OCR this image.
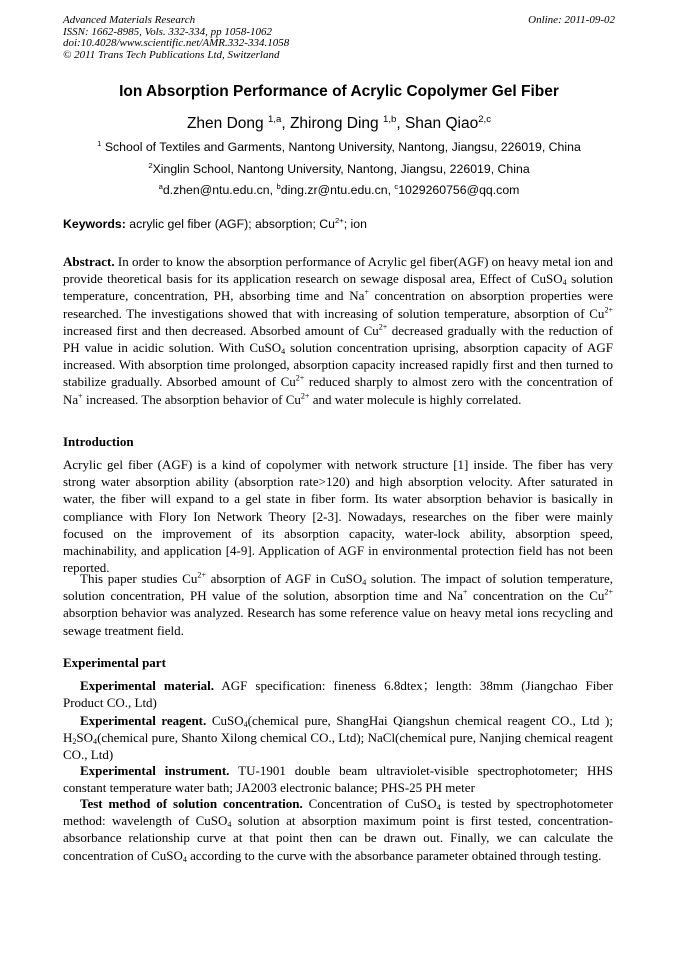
Advanced Materials Research
ISSN: 1662-8985, Vols. 332-334, pp 1058-1062
doi:10.4028/www.scientific.net/AMR.332-334.1058
© 2011 Trans Tech Publications Ltd, Switzerland
Online: 2011-09-02
Ion Absorption Performance of Acrylic Copolymer Gel Fiber
Zhen Dong $^{1,a}$, Zhirong Ding $^{1,b}$, Shan Qiao$^{2,c}$
$^1$ School of Textiles and Garments, Nantong University, Nantong, Jiangsu, 226019, China
$^2$Xinglin School, Nantong University, Nantong, Jiangsu, 226019, China
$^a$d.zhen@ntu.edu.cn, $^b$ding.zr@ntu.edu.cn, $^c$1029260756@qq.com
Keywords: acrylic gel fiber (AGF); absorption; $Cu^{2+}$; ion

Abstract. In order to know the absorption performance of Acrylic gel fiber(AGF) on heavy metal ion and provide theoretical basis for its application research on sewage disposal area, Effect of CuSO$_4$ solution temperature, concentration, PH, absorbing time and Na+ concentration on absorption properties were researched. The investigations showed that with increasing of solution temperature, absorption of $Cu^{2+}$ increased first and then decreased. Absorbed amount of $Cu^{2+}$ decreased gradually with the reduction of PH value in acidic solution. With CuSO$_4$ solution concentration uprising, absorption capacity of AGF increased. With absorption time prolonged, absorption capacity increased rapidly first and then turned to stabilize gradually. Absorbed amount of $Cu^{2+}$ reduced sharply to almost zero with the concentration of Na+ increased. The absorption behavior of $Cu^{2+}$ and water molecule is highly correlated.

Introduction

Acrylic gel fiber (AGF) is a kind of copolymer with network structure [1] inside. The fiber has very strong water absorption ability (absorption rate>120) and high absorption velocity. After saturated in water, the fiber will expand to a gel state in fiber form. Its water absorption behavior is basically in compliance with Flory Ion Network Theory [2-3]. Nowadays, researches on the fiber were mainly focused on the improvement of its absorption capacity, water-lock ability, absorption speed, machinability, and application [4-9]. Application of AGF in environmental protection field has not been reported.

This paper studies $Cu^{2+}$ absorption of AGF in CuSO$_4$ solution. The impact of solution temperature, solution concentration, PH value of the solution, absorption time and Na+ concentration on the $Cu^{2+}$ absorption behavior was analyzed. Research has some reference value on heavy metal ions recycling and sewage treatment field.

Experimental part

Experimental material. AGF specification: fineness 6.8dtex；length: 38mm (Jiangchao Fiber Product CO., Ltd)

Experimental reagent. CuSO$_4$(chemical pure, ShangHai Qiangshun chemical reagent CO., Ltd ); $H_2SO_4(chemical$ pure, Shanto Xilong chemical CO., Ltd); NaCl(chemical pure, Nanjing chemical reagent CO., Ltd)

Experimental instrument. TU-1901 double beam ultraviolet-visible spectrophotometer; HHS constant temperature water bath; JA2003 electronic balance; PHS-25 PH meter

Test method of solution concentration. Concentration of CuSO$_4$ is tested by spectrophotometer method: wavelength of CuSO$_4$ solution at absorption maximum point is first tested, concentration-absorbance relationship curve at that point then can be drawn out. Finally, we can calculate the concentration of CuSO$_4$ according to the curve with the absorbance parameter obtained through testing.
